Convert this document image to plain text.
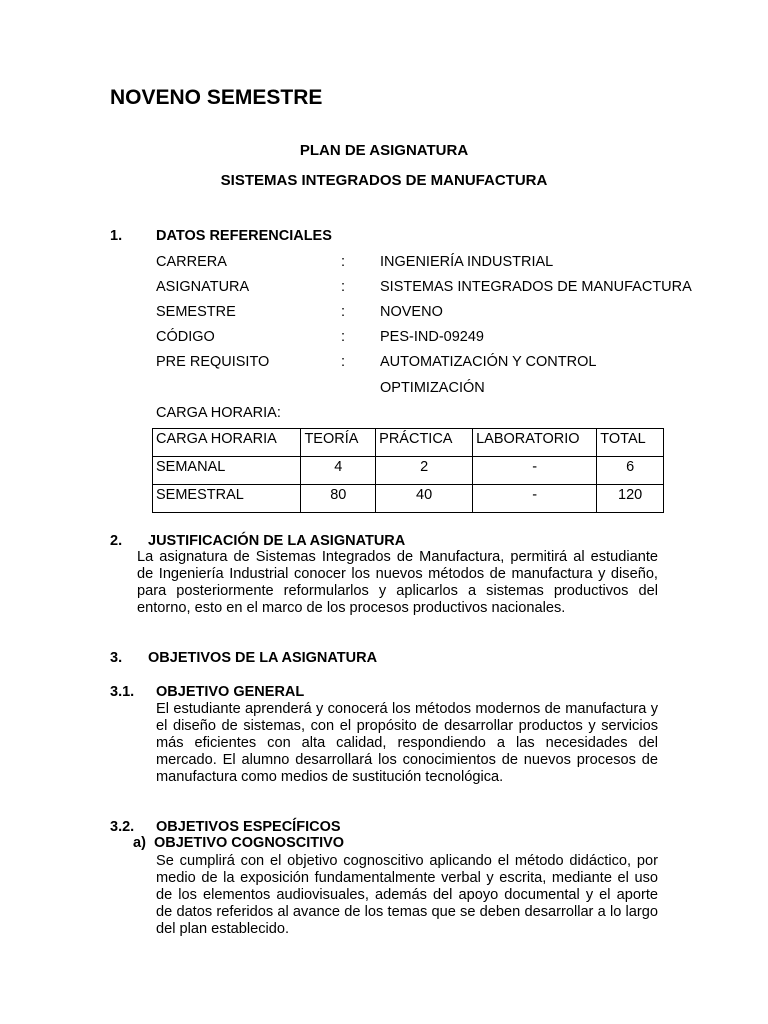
NOVENO SEMESTRE
PLAN DE ASIGNATURA
SISTEMAS INTEGRADOS DE MANUFACTURA
1. DATOS REFERENCIALES
CARRERA	: INGENIERÍA INDUSTRIAL
ASIGNATURA	: SISTEMAS INTEGRADOS DE MANUFACTURA
SEMESTRE	: NOVENO
CÓDIGO	: PES-IND-09249
PRE REQUISITO	: AUTOMATIZACIÓN Y CONTROL
OPTIMIZACIÓN
CARGA HORARIA:
CARGA HORARIA	TEORÍA	PRÁCTICA	LABORATORIO	TOTAL
SEMANAL	4	2	-	6
SEMESTRAL	80	40	-	120
2. JUSTIFICACIÓN DE LA ASIGNATURA
La asignatura de Sistemas Integrados de Manufactura, permitirá al estudiante de Ingeniería Industrial conocer los nuevos métodos de manufactura y diseño, para posteriormente reformularlos y aplicarlos a sistemas productivos del entorno, esto en el marco de los procesos productivos nacionales.
3. OBJETIVOS DE LA ASIGNATURA
3.1. OBJETIVO GENERAL
El estudiante aprenderá y conocerá los métodos modernos de manufactura y el diseño de sistemas, con el propósito de desarrollar productos y servicios más eficientes con alta calidad, respondiendo a las necesidades del mercado. El alumno desarrollará los conocimientos de nuevos procesos de manufactura como medios de sustitución tecnológica.
3.2. OBJETIVOS ESPECÍFICOS
a)  OBJETIVO COGNOSCITIVO
Se cumplirá con el objetivo cognoscitivo aplicando el método didáctico, por medio de la exposición fundamentalmente verbal y escrita, mediante el uso de los elementos audiovisuales, además del apoyo documental y el aporte de datos referidos al avance de los temas que se deben desarrollar a lo largo del plan establecido.
